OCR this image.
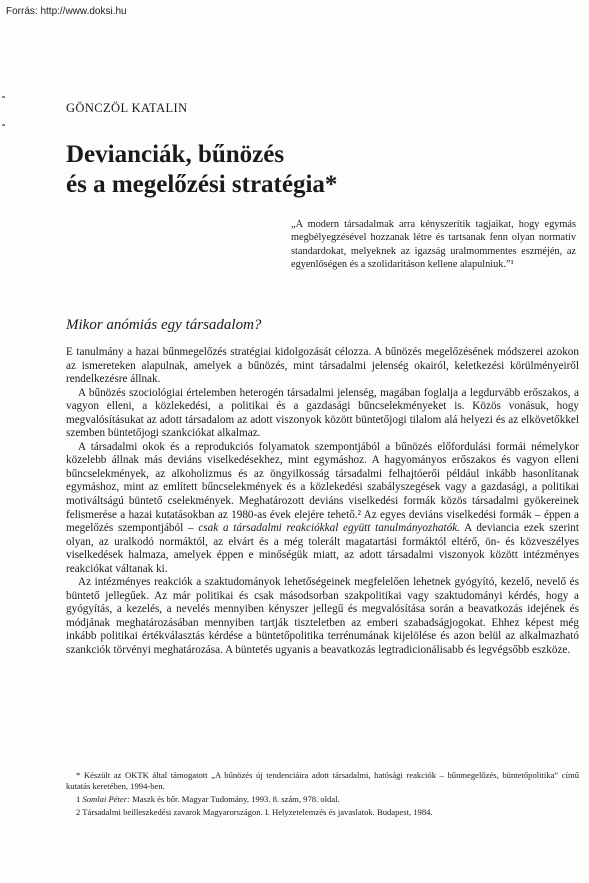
Forrás: http://www.doksi.hu
GÖNCZÖL KATALIN
Devianciák, bűnözés
és a megelőzési stratégia*
„A modern társadalmak arra kényszerítik tagjaikat, hogy egymás megbélyegzésével hozzanak létre és tartsanak fenn olyan normatív standardokat, melyeknek az igazság uralmommentes eszméjén, az egyenlőségen és a szolidaritáson kellene alapulniuk.”¹
Mikor anómiás egy társadalom?

E tanulmány a hazai bűnmegelőzés stratégiai kidolgozását célozza. A bűnözés megelőzésének módszerei azokon az ismereteken alapulnak, amelyek a bűnözés, mint társadalmi jelenség okairól, keletkezési körülményeiről rendelkezésre állnak.

A bűnözés szociológiai értelemben heterogén társadalmi jelenség, magában foglalja a legdurvább erőszakos, a vagyon elleni, a közlekedési, a politikai és a gazdasági bűncselekményeket is. Közös vonásuk, hogy megvalósításukat az adott társadalom az adott viszonyok között büntetőjogi tilalom alá helyezi és az elkövetőkkel szemben büntetőjogi szankciókat alkalmaz.

A társadalmi okok és a reprodukciós folyamatok szempontjából a bűnözés előfordulási formái némelykor közelebb állnak más deviáns viselkedésekhez, mint egymáshoz. A hagyományos erőszakos és vagyon elleni bűncselekmények, az alkoholizmus és az öngyilkosság társadalmi felhajtóerői például inkább hasonlítanak egymáshoz, mint az említett bűncselekmények és a közlekedési szabályszegések vagy a gazdasági, a politikai motiváltságú büntető cselekmények. Meghatározott deviáns viselkedési formák közös társadalmi gyökereinek felismerése a hazai kutatásokban az 1980-as évek elejére tehető.² Az egyes deviáns viselkedési formák – éppen a megelőzés szempontjából – csak a társadalmi reakciókkal együtt tanulmányozhatók. A deviancia ezek szerint olyan, az uralkodó normáktól, az elvárt és a még tolerált magatartási formáktól eltérő, ön- és közveszélyes viselkedések halmaza, amelyek éppen e minőségük miatt, az adott társadalmi viszonyok között intézményes reakciókat váltanak ki.

Az intézményes reakciók a szaktudományok lehetőségeinek megfelelően lehetnek gyógyító, kezelő, nevelő és büntető jellegűek. Az már politikai és csak másodsorban szakpolitikai vagy szaktudományi kérdés, hogy a gyógyítás, a kezelés, a nevelés mennyiben kényszer jellegű és megvalósítása során a beavatkozás idejének és módjának meghatározásában mennyiben tartják tiszteletben az emberi szabadságjogokat. Ehhez képest még inkább politikai értékválasztás kérdése a büntetőpolitika terrénumának kijelölése és azon belül az alkalmazható szankciók törvényi meghatározása. A büntetés ugyanis a beavatkozás legtradicionálisabb és legvégsőbb eszköze.

* Készült az OKTK által támogatott „A bűnözés új tendenciáira adott társadalmi, hatósági reakciók – bűnmegelőzés, büntetőpolitika” című kutatás keretében, 1994-ben.

1 Somlai Péter: Maszk és bőr. Magyar Tudomány, 1993. 8. szám, 978. oldal.

2 Társadalmi beilleszkedési zavarok Magyarországon. I. Helyzetelemzés és javaslatok. Budapest, 1984.
